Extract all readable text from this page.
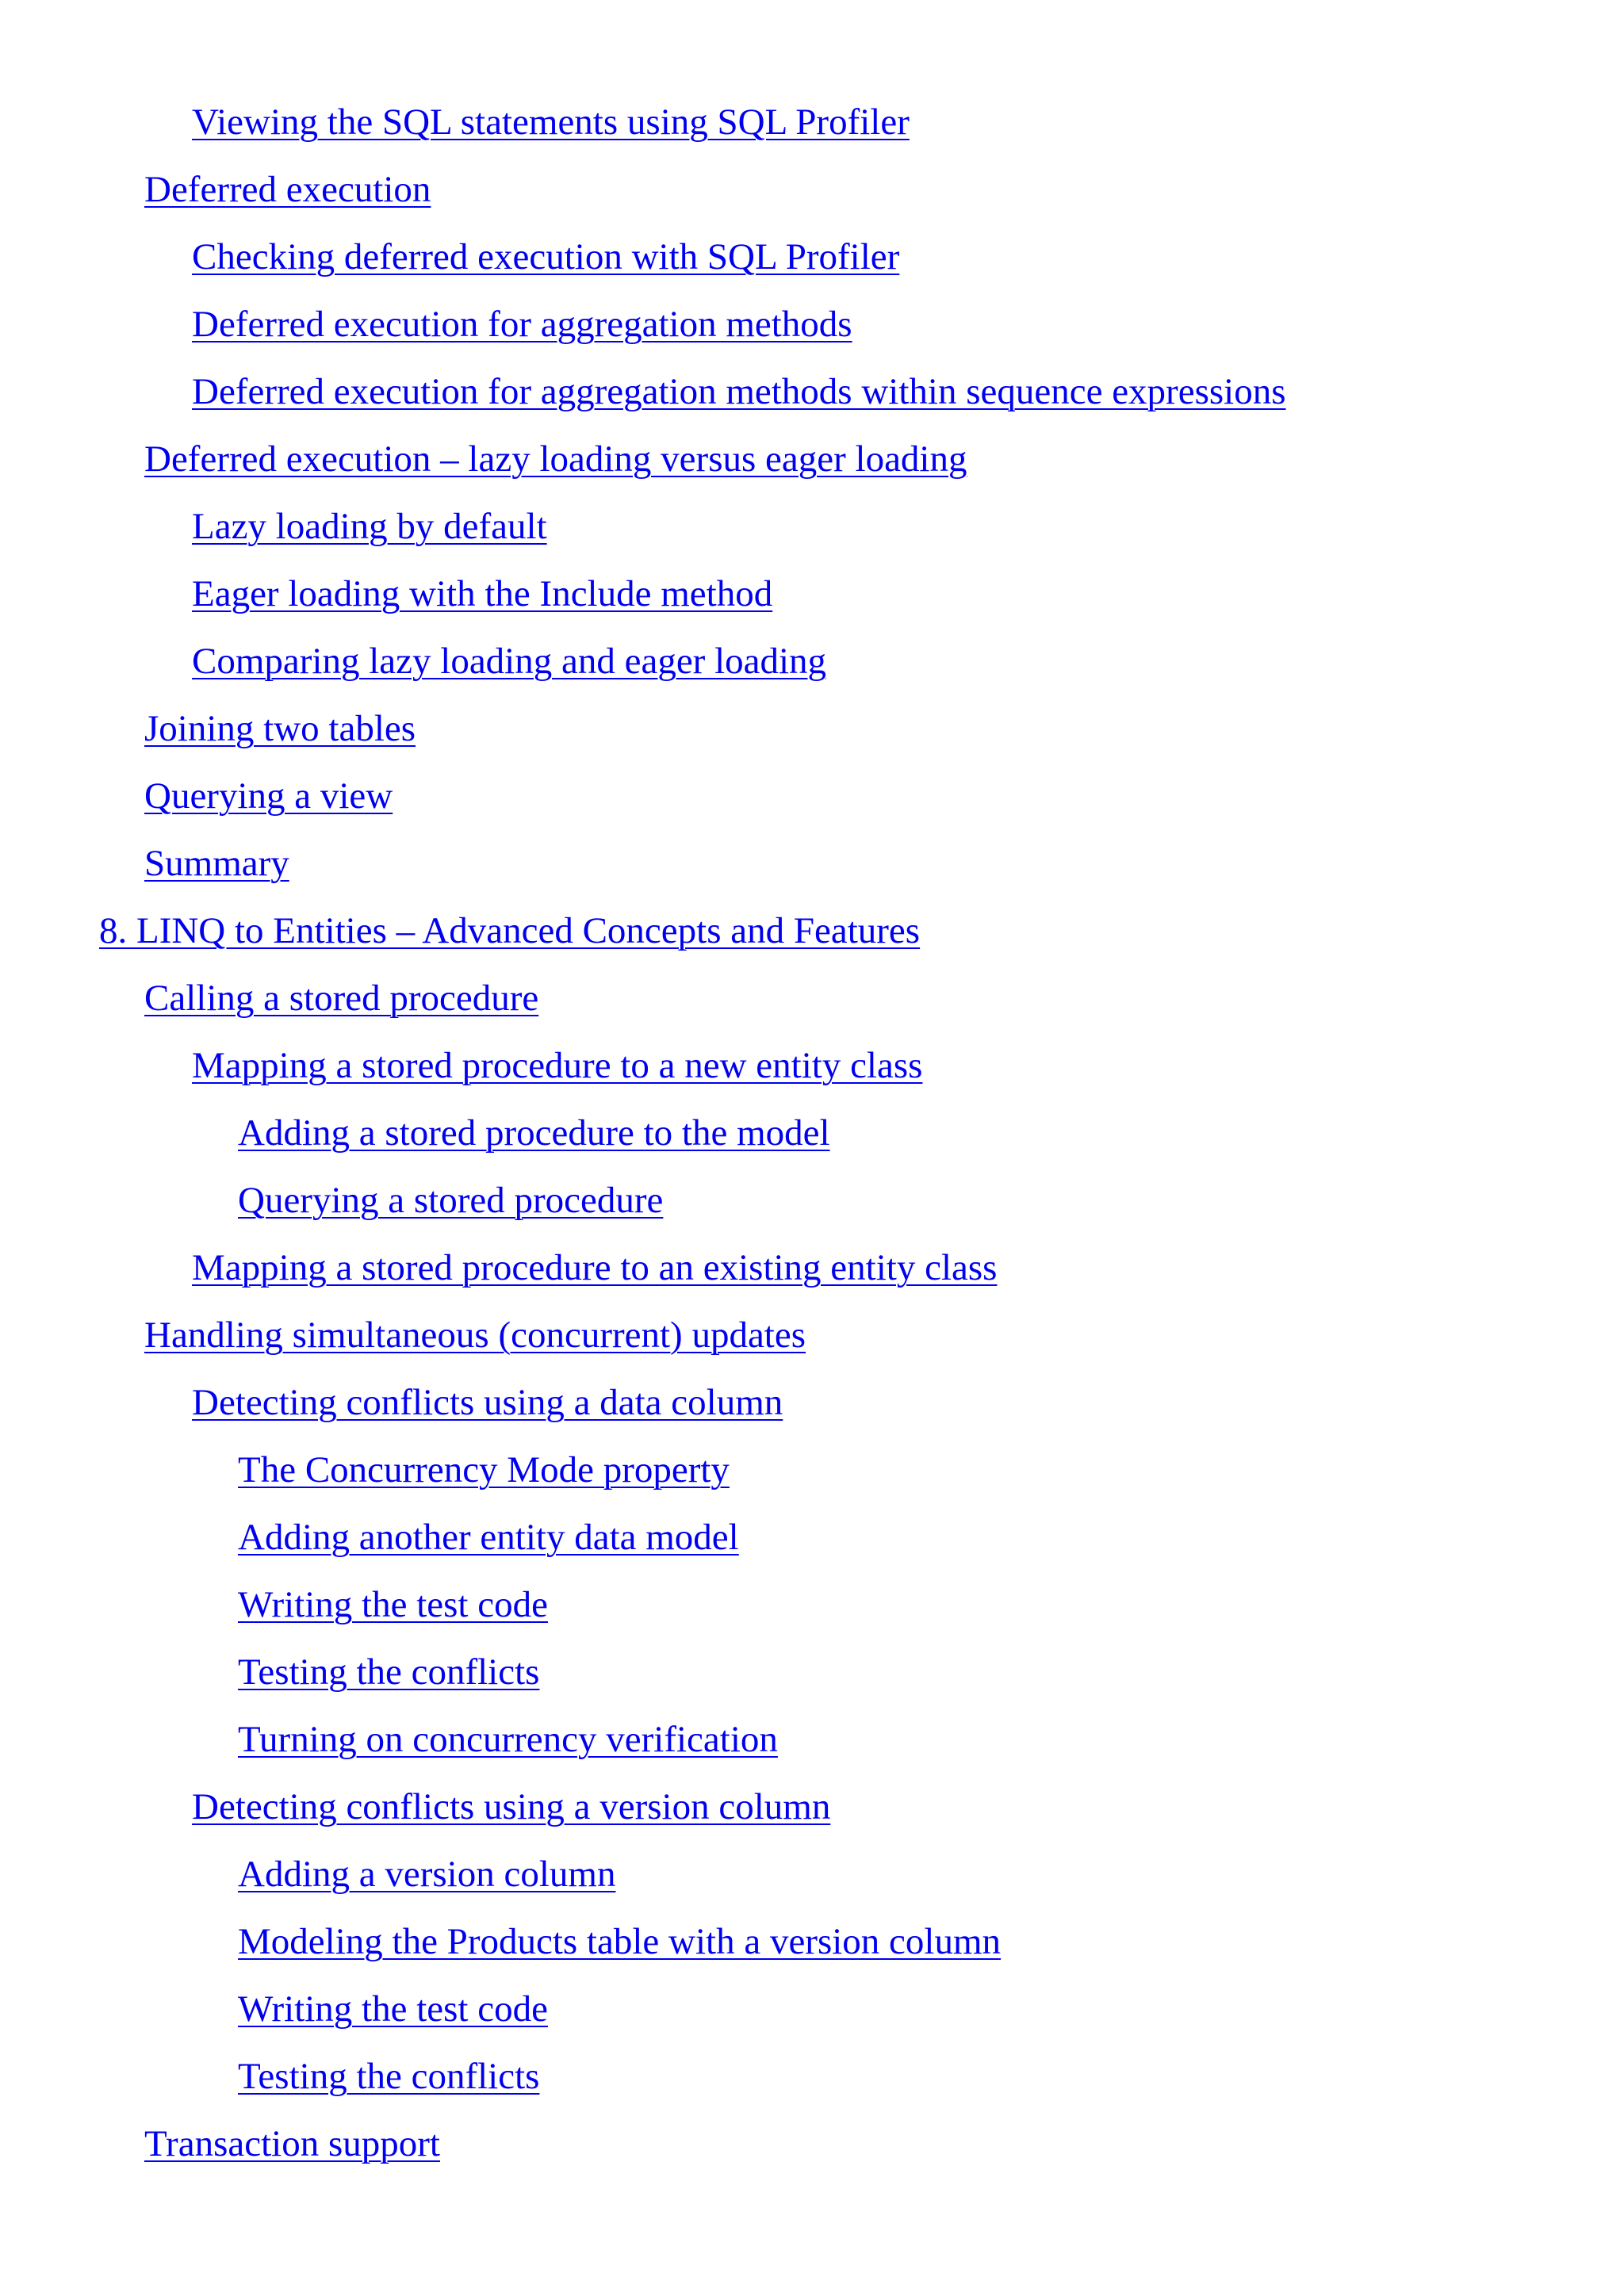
Viewing the SQL statements using SQL Profiler
Deferred execution
Checking deferred execution with SQL Profiler
Deferred execution for aggregation methods
Deferred execution for aggregation methods within sequence expressions
Deferred execution – lazy loading versus eager loading
Lazy loading by default
Eager loading with the Include method
Comparing lazy loading and eager loading
Joining two tables
Querying a view
Summary
8. LINQ to Entities – Advanced Concepts and Features
Calling a stored procedure
Mapping a stored procedure to a new entity class
Adding a stored procedure to the model
Querying a stored procedure
Mapping a stored procedure to an existing entity class
Handling simultaneous (concurrent) updates
Detecting conflicts using a data column
The Concurrency Mode property
Adding another entity data model
Writing the test code
Testing the conflicts
Turning on concurrency verification
Detecting conflicts using a version column
Adding a version column
Modeling the Products table with a version column
Writing the test code
Testing the conflicts
Transaction support
